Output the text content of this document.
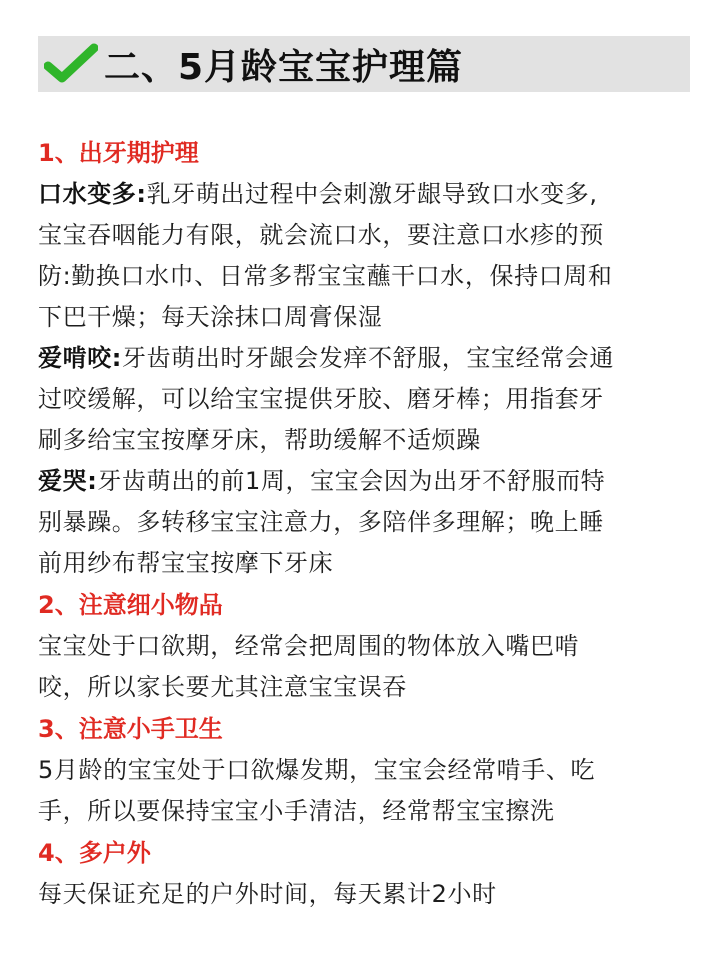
二、5月龄宝宝护理篇
1、出牙期护理

口水变多:乳牙萌出过程中会刺激牙龈导致口水变多,
宝宝吞咽能力有限，就会流口水，要注意口水疹的预
防:勤换口水巾、日常多帮宝宝蘸干口水，保持口周和
下巴干燥；每天涂抹口周膏保湿

爱啃咬:牙齿萌出时牙龈会发痒不舒服，宝宝经常会通
过咬缓解，可以给宝宝提供牙胶、磨牙棒；用指套牙
刷多给宝宝按摩牙床，帮助缓解不适烦躁

爱哭:牙齿萌出的前1周，宝宝会因为出牙不舒服而特
别暴躁。多转移宝宝注意力，多陪伴多理解；晚上睡
前用纱布帮宝宝按摩下牙床

2、注意细小物品

宝宝处于口欲期，经常会把周围的物体放入嘴巴啃
咬，所以家长要尤其注意宝宝误吞

3、注意小手卫生

5月龄的宝宝处于口欲爆发期，宝宝会经常啃手、吃
手，所以要保持宝宝小手清洁，经常帮宝宝擦洗

4、多户外

每天保证充足的户外时间，每天累计2小时
